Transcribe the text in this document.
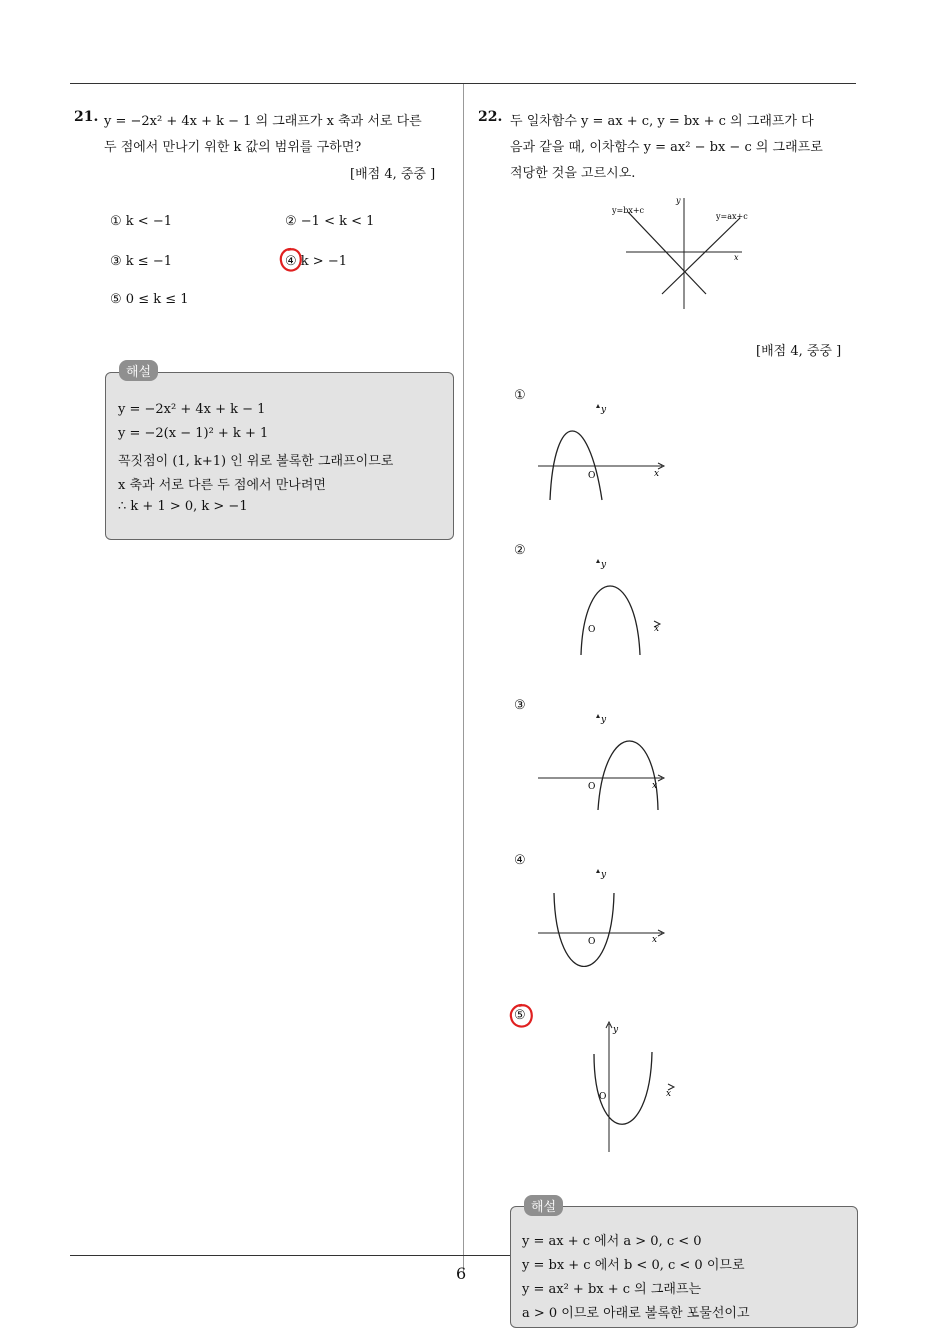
21. y = −2x² + 4x + k − 1 의 그래프가 x 축과 서로 다른
두 점에서 만나기 위한 k 값의 범위를 구하면?
[배점 4, 중중 ]
① k < −1	② −1 < k < 1
③ k ≤ −1	④ k > −1
⑤ 0 ≤ k ≤ 1
해설
y = −2x² + 4x + k − 1
y = −2(x − 1)² + k + 1
꼭짓점이 (1, k+1) 인 위로 볼록한 그래프이므로
x 축과 서로 다른 두 점에서 만나려면
∴ k + 1 > 0, k > −1
22. 두 일차함수 y = ax + c, y = bx + c 의 그래프가 다
음과 같을 때, 이차함수 y = ax² − bx − c 의 그래프로
적당한 것을 고르시오.
y=bx+c
y=ax+c
x
y
[배점 4, 중중 ]
①
O	x
y
②
O	x
y
③
O	x
y
④
O	x
y
⑤
O	x
y
해설
y = ax + c 에서 a > 0, c < 0
y = bx + c 에서 b < 0, c < 0 이므로
y = ax² + bx + c 의 그래프는
a > 0 이므로 아래로 볼록한 포물선이고
6
